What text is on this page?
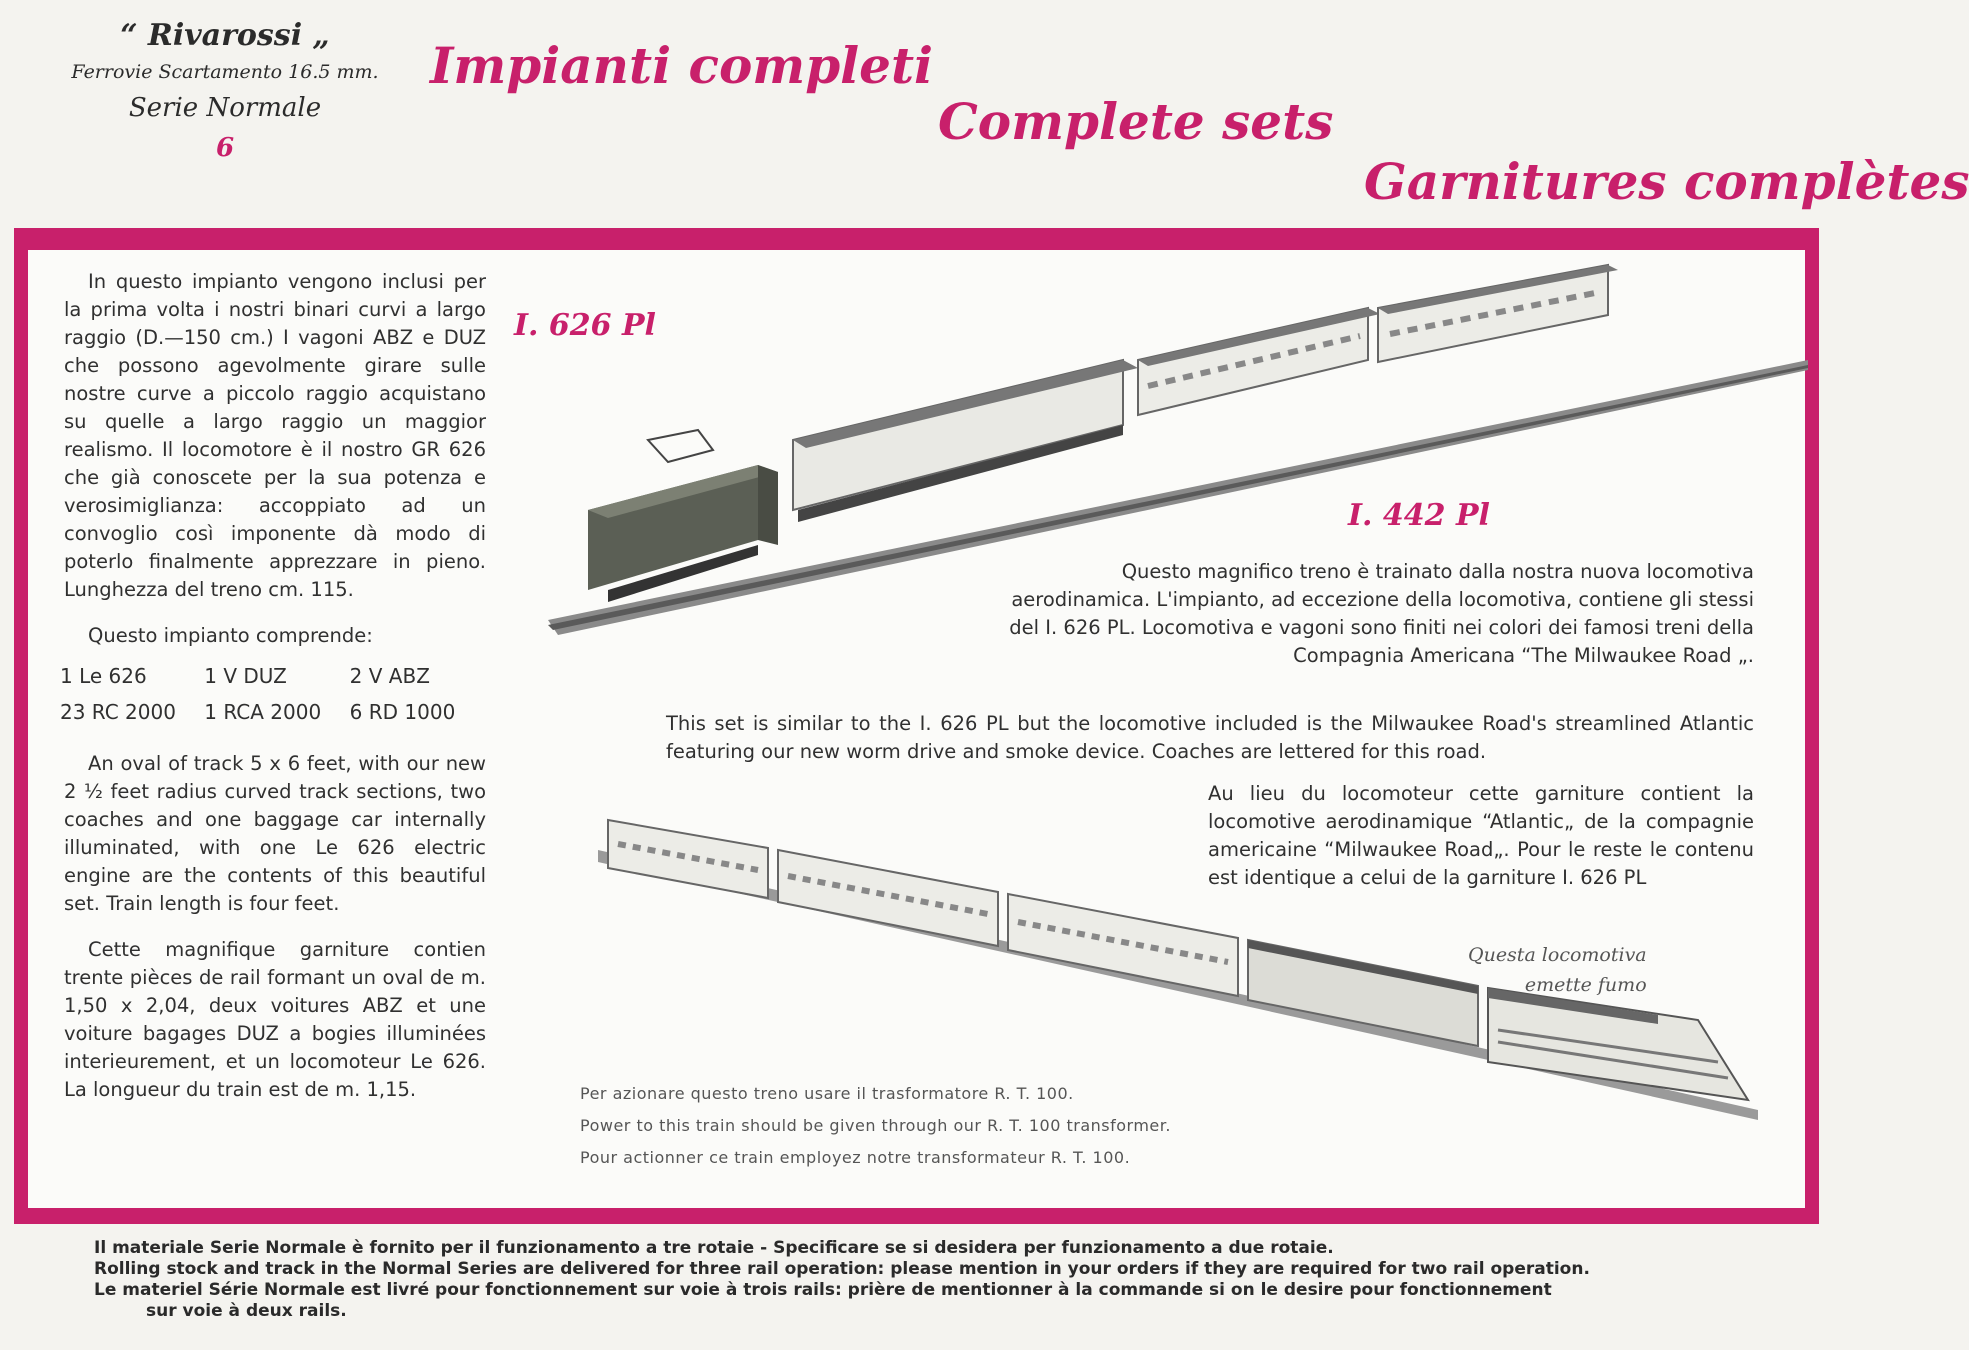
“ Rivarossi „
Ferrovie Scartamento 16.5 mm.
Serie Normale
6
Impianti completi
Complete sets
Garnitures complètes

In questo impianto vengono inclusi per la prima volta i nostri binari curvi a largo raggio (D.—150 cm.) I vagoni ABZ e DUZ che possono agevolmente girare sulle nostre curve a piccolo raggio acquistano su quelle a largo raggio un maggior realismo. Il locomotore è il nostro GR 626 che già conoscete per la sua potenza e verosimiglianza: accoppiato ad un convoglio così imponente dà modo di poterlo finalmente apprezzare in pieno. Lunghezza del treno cm. 115.

Questo impianto comprende:

1 Le 626	1 V DUZ	2 V ABZ
23 RC 2000	1 RCA 2000	6 RD 1000

An oval of track 5 x 6 feet, with our new 2 ½ feet radius curved track sections, two coaches and one baggage car internally illuminated, with one Le 626 electric engine are the contents of this beautiful set. Train length is four feet.

Cette magnifique garniture contien trente pièces de rail formant un oval de m. 1,50 x 2,04, deux voitures ABZ et une voiture bagages DUZ a bogies illuminées interieurement, et un locomoteur Le 626. La longueur du train est de m. 1,15.

I. 626 Pl
I. 442 Pl
Questo magnifico treno è trainato dalla nostra nuova locomotiva aerodinamica. L'impianto, ad eccezione della locomotiva, contiene gli stessi del I. 626 PL. Locomotiva e vagoni sono finiti nei colori dei famosi treni della Compagnia Americana “The Milwaukee Road „.
This set is similar to the I. 626 PL but the locomotive included is the Milwaukee Road's streamlined Atlantic featuring our new worm drive and smoke device. Coaches are lettered for this road.
Au lieu du locomoteur cette garniture contient la locomotive aerodinamique “Atlantic„ de la compagnie americaine “Milwaukee Road„. Pour le reste le contenu est identique a celui de la garniture I. 626 PL
Questa locomotiva
emette fumo
Per azionare questo treno usare il trasformatore R. T. 100.
Power to this train should be given through our R. T. 100 transformer.
Pour actionner ce train employez notre transformateur R. T. 100.
Il materiale Serie Normale è fornito per il funzionamento a tre rotaie - Specificare se si desidera per funzionamento a due rotaie.
Rolling stock and track in the Normal Series are delivered for three rail operation: please mention in your orders if they are required for two rail operation.
Le materiel Série Normale est livré pour fonctionnement sur voie à trois rails: prière de mentionner à la commande si on le desire pour fonctionnement
sur voie à deux rails.
